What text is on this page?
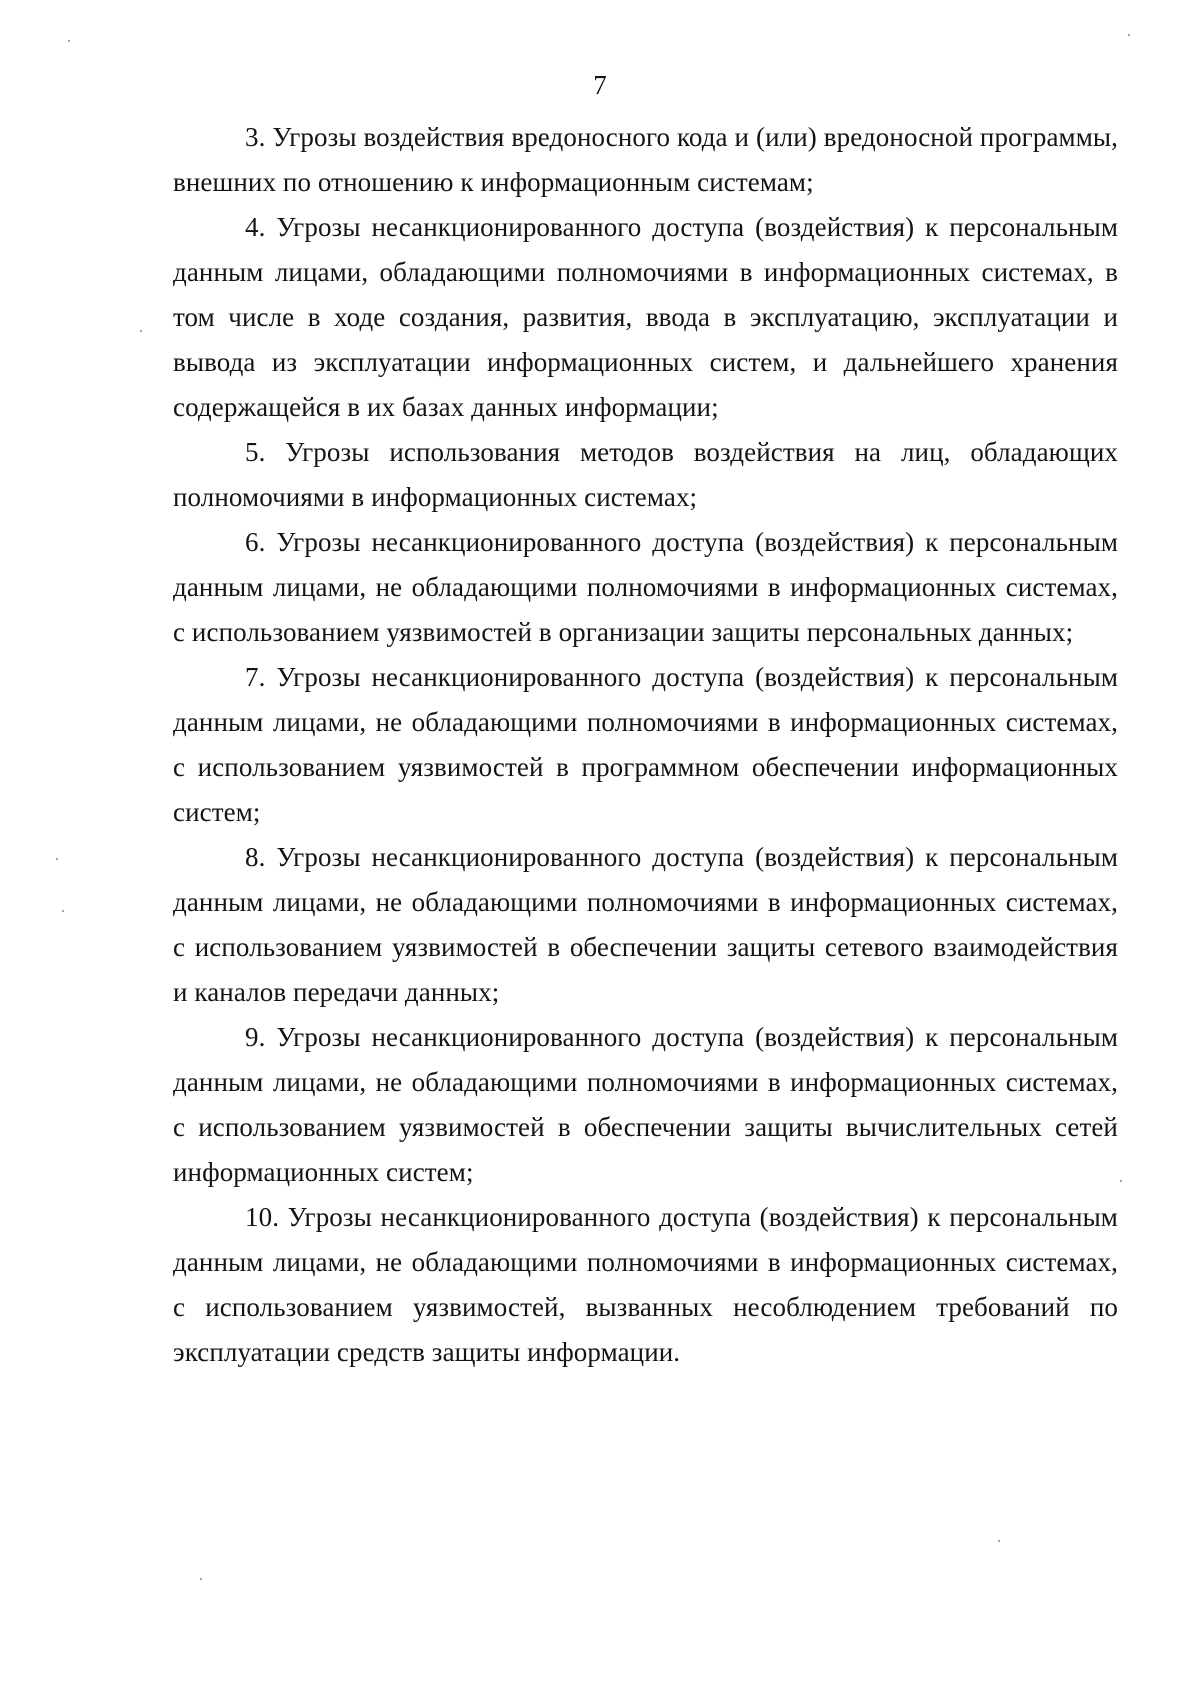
7

3. Угрозы воздействия вредоносного кода и (или) вредоносной программы, внешних по отношению к информационным системам;

4. Угрозы несанкционированного доступа (воздействия) к персональным данным лицами, обладающими полномочиями в информационных системах, в том числе в ходе создания, развития, ввода в эксплуатацию, эксплуатации и вывода из эксплуатации информационных систем, и дальнейшего хранения содержащейся в их базах данных информации;

5. Угрозы использования методов воздействия на лиц, обладающих полномочиями в информационных системах;

6. Угрозы несанкционированного доступа (воздействия) к персональным данным лицами, не обладающими полномочиями в информационных системах, с использованием уязвимостей в организации защиты персональных данных;

7. Угрозы несанкционированного доступа (воздействия) к персональным данным лицами, не обладающими полномочиями в информационных системах, с использованием уязвимостей в программном обеспечении информационных систем;

8. Угрозы несанкционированного доступа (воздействия) к персональным данным лицами, не обладающими полномочиями в информационных системах, с использованием уязвимостей в обеспечении защиты сетевого взаимодействия и каналов передачи данных;

9. Угрозы несанкционированного доступа (воздействия) к персональным данным лицами, не обладающими полномочиями в информационных системах, с использованием уязвимостей в обеспечении защиты вычислительных сетей информационных систем;

10. Угрозы несанкционированного доступа (воздействия) к персональным данным лицами, не обладающими полномочиями в информационных системах, с использованием уязвимостей, вызванных несоблюдением требований по эксплуатации средств защиты информации.
